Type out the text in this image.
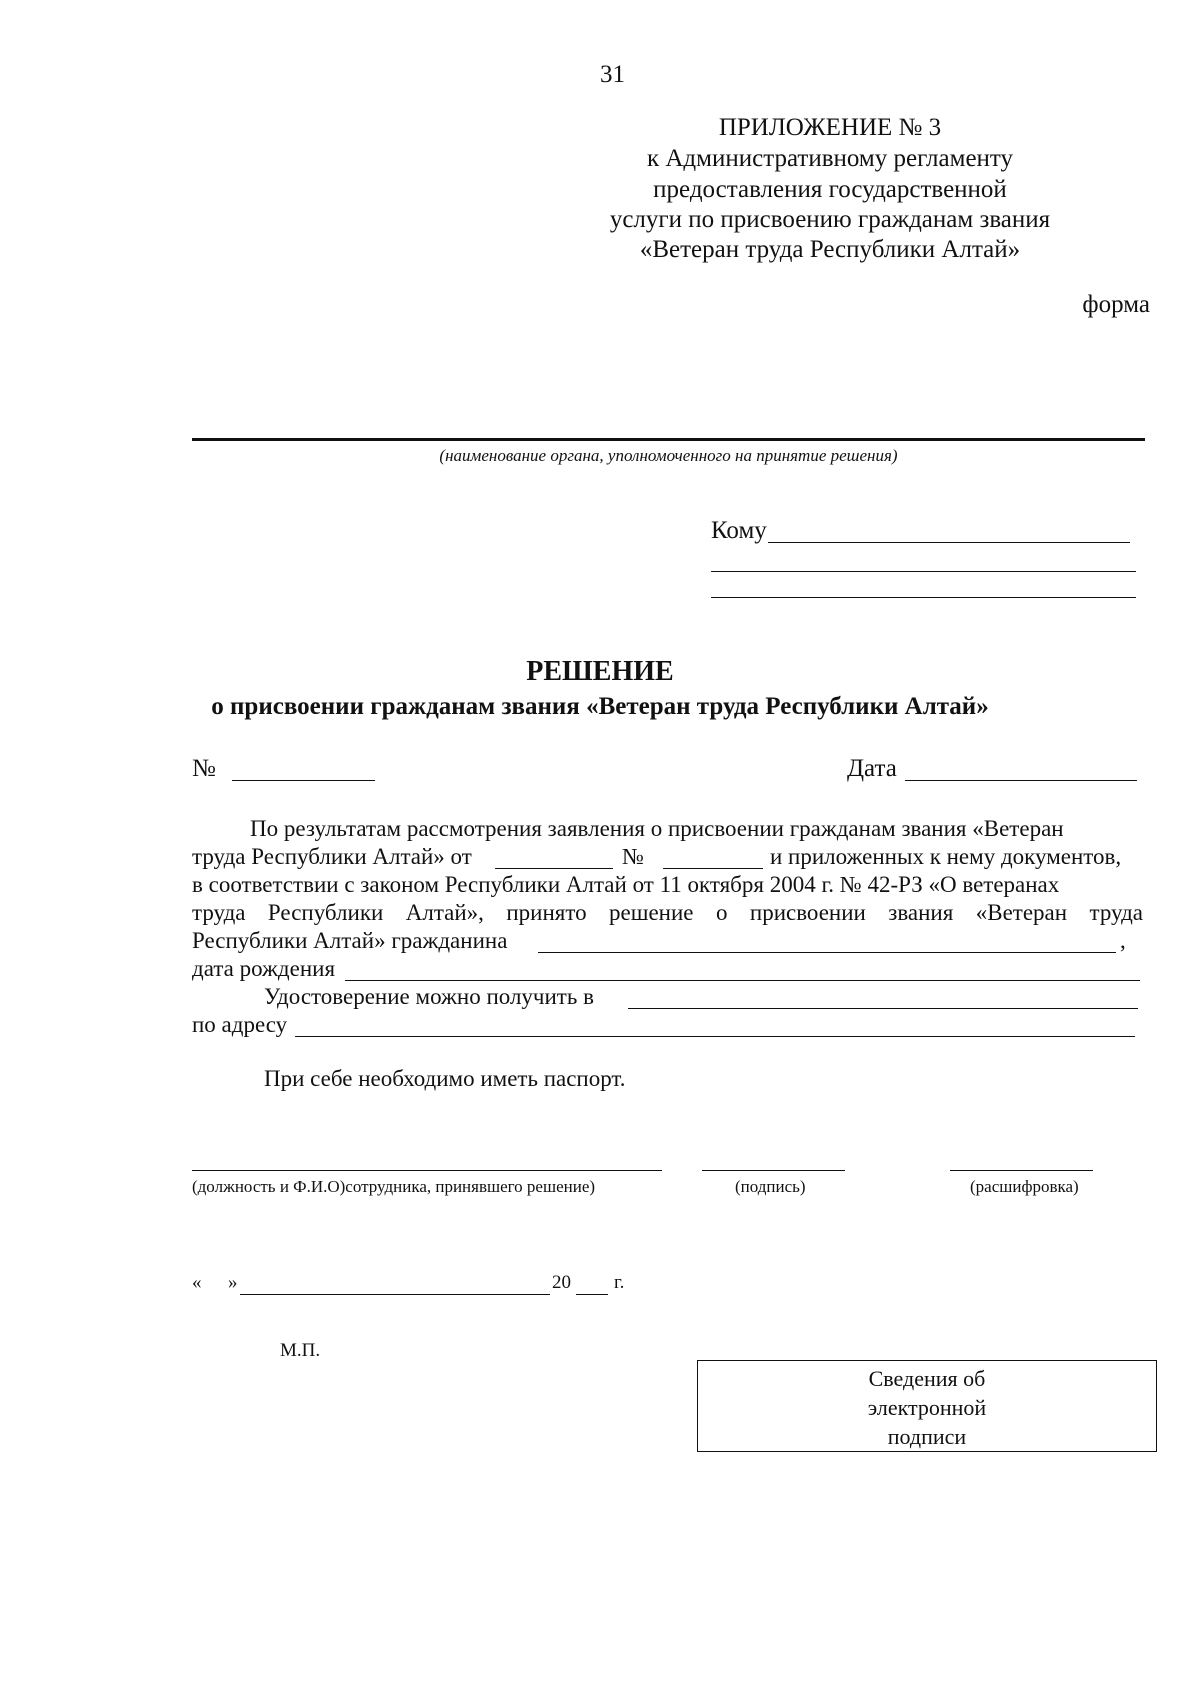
31
ПРИЛОЖЕНИЕ № 3
к Административному регламенту
предоставления государственной
услуги по присвоению гражданам звания
«Ветеран труда Республики Алтай»
форма
(наименование органа, уполномоченного на принятие решения)
Кому
РЕШЕНИЕ
о присвоении гражданам звания «Ветеран труда Республики Алтай»
№	Дата
По результатам рассмотрения заявления о присвоении гражданам звания «Ветеран
труда Республики Алтай» от	№	и приложенных к нему документов,
в соответствии с законом Республики Алтай от 11 октября 2004 г. № 42-РЗ «О ветеранах
труда Республики Алтай», принято решение о присвоении звания «Ветеран труда
Республики Алтай» гражданина	,
дата рождения
Удостоверение можно получить в
по адресу
При себе необходимо иметь паспорт.
(должность и Ф.И.О)сотрудника, принявшего решение)	(подпись)	(расшифровка)
« »	20 г.
М.П.
Сведения об
электронной
подписи
